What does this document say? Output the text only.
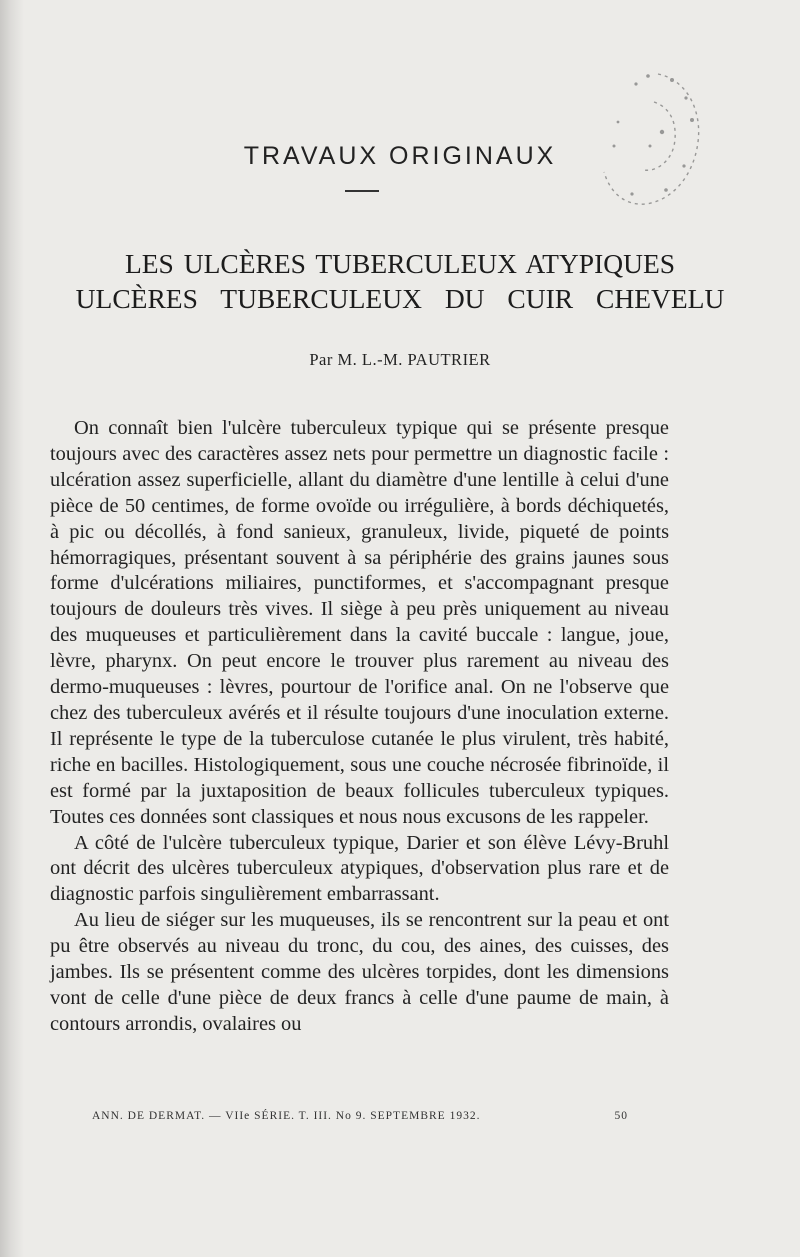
TRAVAUX ORIGINAUX
LES ULCÈRES TUBERCULEUX ATYPIQUES
ULCÈRES TUBERCULEUX DU CUIR CHEVELU
Par M. L.-M. PAUTRIER

On connaît bien l'ulcère tuberculeux typique qui se présente presque toujours avec des caractères assez nets pour permettre un diagnostic facile : ulcération assez superficielle, allant du diamètre d'une lentille à celui d'une pièce de 50 centimes, de forme ovoïde ou irrégulière, à bords déchiquetés, à pic ou décollés, à fond sanieux, granuleux, livide, piqueté de points hémorragiques, présentant souvent à sa périphérie des grains jaunes sous forme d'ulcérations miliaires, punctiformes, et s'accompagnant presque toujours de douleurs très vives. Il siège à peu près uniquement au niveau des muqueuses et particulièrement dans la cavité buccale : langue, joue, lèvre, pharynx. On peut encore le trouver plus rarement au niveau des dermo-muqueuses : lèvres, pourtour de l'orifice anal. On ne l'observe que chez des tuberculeux avérés et il résulte toujours d'une inoculation externe. Il représente le type de la tuberculose cutanée le plus virulent, très habité, riche en bacilles. Histologiquement, sous une couche nécrosée fibrinoïde, il est formé par la juxtaposition de beaux follicules tuberculeux typiques. Toutes ces données sont classiques et nous nous excusons de les rappeler.

A côté de l'ulcère tuberculeux typique, Darier et son élève Lévy-Bruhl ont décrit des ulcères tuberculeux atypiques, d'observation plus rare et de diagnostic parfois singulièrement embarrassant.

Au lieu de siéger sur les muqueuses, ils se rencontrent sur la peau et ont pu être observés au niveau du tronc, du cou, des aines, des cuisses, des jambes. Ils se présentent comme des ulcères torpides, dont les dimensions vont de celle d'une pièce de deux francs à celle d'une paume de main, à contours arrondis, ovalaires ou

ANN. DE DERMAT. — VIIe SÉRIE. T. III. No 9. SEPTEMBRE 1932.	50
